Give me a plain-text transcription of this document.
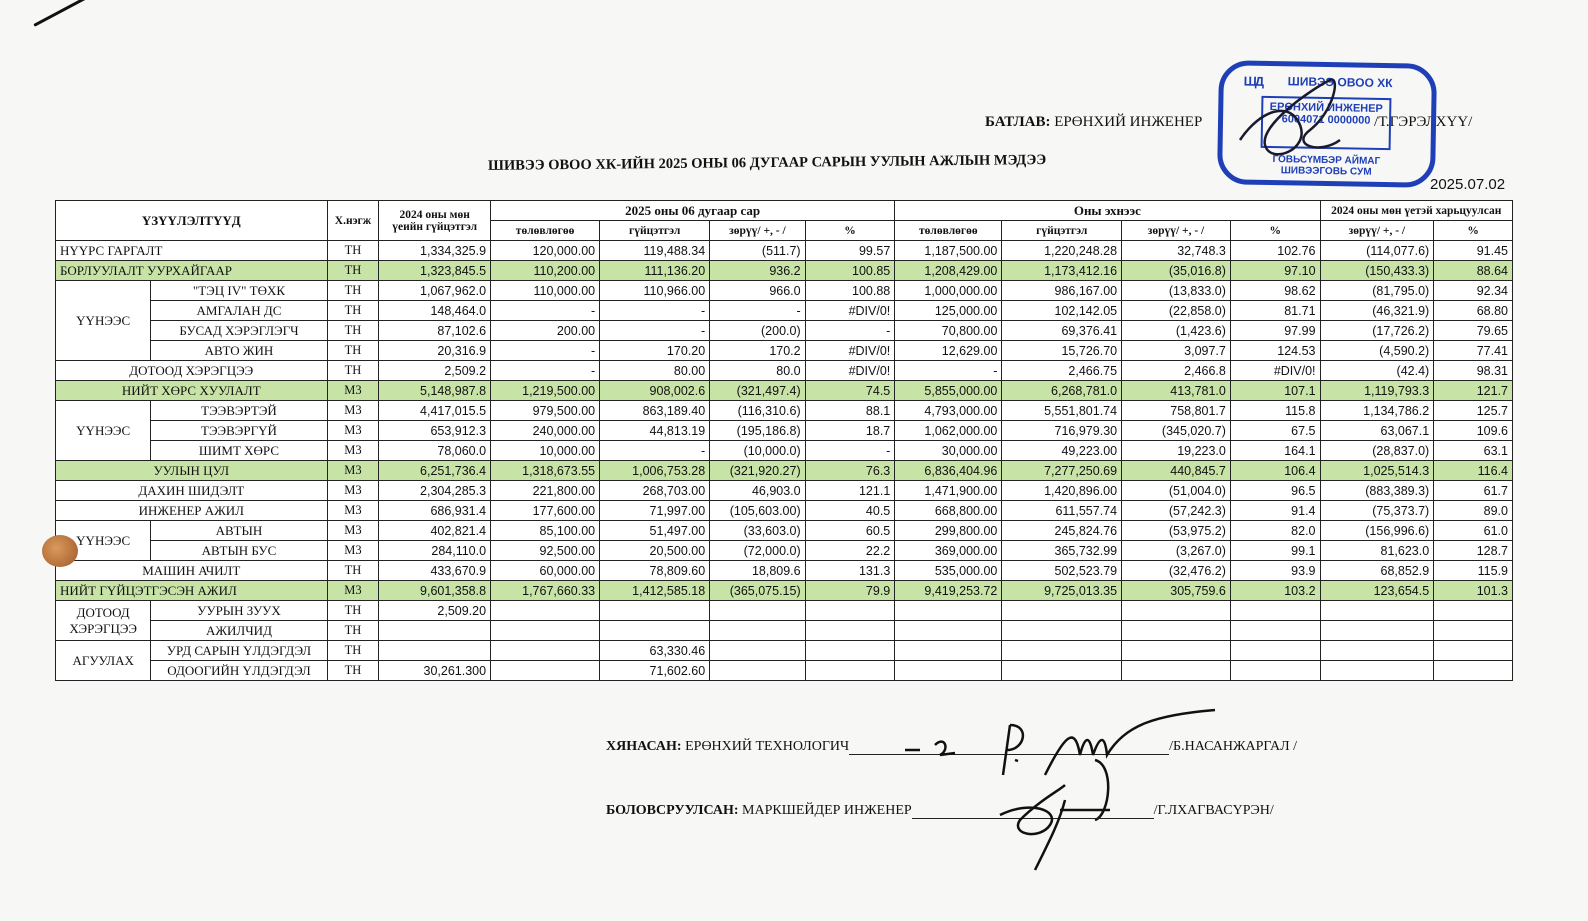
БАТЛАВ: ЕРӨНХИЙ ИНЖЕНЕР	/Т.ГЭРЭЛХҮҮ/
ШД ШИВЭЭ ОВОО ХК
ЕРӨНХИЙ ИНЖЕНЕР
6004071 0000000
ГОВЬСҮМБЭР АЙМАГ
ШИВЭЭГОВЬ СУМ
2025.07.02
ШИВЭЭ ОВОО ХК-ИЙН 2025 ОНЫ 06 ДУГААР САРЫН УУЛЫН АЖЛЫН МЭДЭЭ
ҮЗҮҮЛЭЛТҮҮД		Х.нэгж	2024 оны мөн үеийн гүйцэтгэл	2025 оны 06 дугаар сар				Оны эхнээс				2024 оны мөн үетэй харьцуулсан	
				төлөвлөгөө	гүйцэтгэл	зөрүү/ +, - /	%	төлөвлөгөө	гүйцэтгэл	зөрүү/ +, - /	%	зөрүү/ +, - /	%
НҮҮРС ГАРГАЛТ		ТН	1,334,325.9	120,000.00	119,488.34	(511.7)	99.57	1,187,500.00	1,220,248.28	32,748.3	102.76	(114,077.6)	91.45
БОРЛУУЛАЛТ УУРХАЙГААР		ТН	1,323,845.5	110,200.00	111,136.20	936.2	100.85	1,208,429.00	1,173,412.16	(35,016.8)	97.10	(150,433.3)	88.64
ҮҮНЭЭС	"ТЭЦ IV" ТӨХК	ТН	1,067,962.0	110,000.00	110,966.00	966.0	100.88	1,000,000.00	986,167.00	(13,833.0)	98.62	(81,795.0)	92.34
	АМГАЛАН ДС	ТН	148,464.0	-	-	-	#DIV/0!	125,000.00	102,142.05	(22,858.0)	81.71	(46,321.9)	68.80
	БУСАД ХЭРЭГЛЭГЧ	ТН	87,102.6	200.00	-	(200.0)	-	70,800.00	69,376.41	(1,423.6)	97.99	(17,726.2)	79.65
	АВТО ЖИН	ТН	20,316.9	-	170.20	170.2	#DIV/0!	12,629.00	15,726.70	3,097.7	124.53	(4,590.2)	77.41
ДОТООД ХЭРЭГЦЭЭ		ТН	2,509.2	-	80.00	80.0	#DIV/0!	-	2,466.75	2,466.8	#DIV/0!	(42.4)	98.31
НИЙТ ХӨРС ХУУЛАЛТ		М3	5,148,987.8	1,219,500.00	908,002.6	(321,497.4)	74.5	5,855,000.00	6,268,781.0	413,781.0	107.1	1,119,793.3	121.7
ҮҮНЭЭС	ТЭЭВЭРТЭЙ	М3	4,417,015.5	979,500.00	863,189.40	(116,310.6)	88.1	4,793,000.00	5,551,801.74	758,801.7	115.8	1,134,786.2	125.7
	ТЭЭВЭРГҮЙ	М3	653,912.3	240,000.00	44,813.19	(195,186.8)	18.7	1,062,000.00	716,979.30	(345,020.7)	67.5	63,067.1	109.6
	ШИМТ ХӨРС	М3	78,060.0	10,000.00	-	(10,000.0)	-	30,000.00	49,223.00	19,223.0	164.1	(28,837.0)	63.1
УУЛЫН ЦУЛ		М3	6,251,736.4	1,318,673.55	1,006,753.28	(321,920.27)	76.3	6,836,404.96	7,277,250.69	440,845.7	106.4	1,025,514.3	116.4
ДАХИН ШИДЭЛТ		М3	2,304,285.3	221,800.00	268,703.00	46,903.0	121.1	1,471,900.00	1,420,896.00	(51,004.0)	96.5	(883,389.3)	61.7
ИНЖЕНЕР АЖИЛ		М3	686,931.4	177,600.00	71,997.00	(105,603.00)	40.5	668,800.00	611,557.74	(57,242.3)	91.4	(75,373.7)	89.0
ҮҮНЭЭС	АВТЫН	М3	402,821.4	85,100.00	51,497.00	(33,603.0)	60.5	299,800.00	245,824.76	(53,975.2)	82.0	(156,996.6)	61.0
	АВТЫН БУС	М3	284,110.0	92,500.00	20,500.00	(72,000.0)	22.2	369,000.00	365,732.99	(3,267.0)	99.1	81,623.0	128.7
МАШИН АЧИЛТ		ТН	433,670.9	60,000.00	78,809.60	18,809.6	131.3	535,000.00	502,523.79	(32,476.2)	93.9	68,852.9	115.9
НИЙТ ГҮЙЦЭТГЭСЭН АЖИЛ		М3	9,601,358.8	1,767,660.33	1,412,585.18	(365,075.15)	79.9	9,419,253.72	9,725,013.35	305,759.6	103.2	123,654.5	101.3
ДОТООД ХЭРЭГЦЭЭ	УУРЫН ЗУУХ	ТН	2,509.20										
	АЖИЛЧИД	ТН											
АГУУЛАХ	УРД САРЫН ҮЛДЭГДЭЛ	ТН			63,330.46								
	ОДООГИЙН ҮЛДЭГДЭЛ	ТН	30,261.300		71,602.60								
ХЯНАСАН: ЕРӨНХИЙ ТЕХНОЛОГИЧ	/Б.НАСАНЖАРГАЛ /
БОЛОВСРУУЛСАН: МАРКШЕЙДЕР ИНЖЕНЕР	/Г.ЛХАГВАСҮРЭН/
